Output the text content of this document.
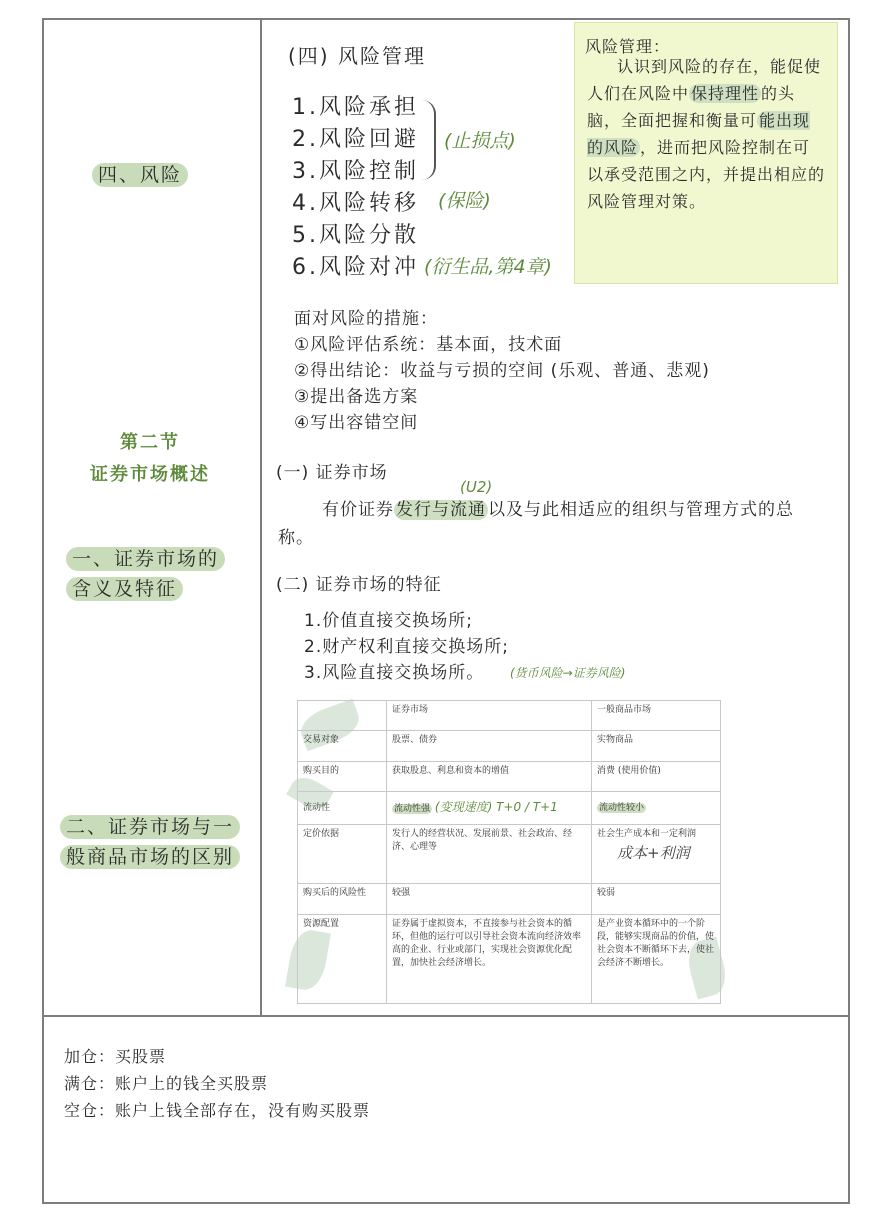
四、风险
第二节
证券市场概述
一、证券市场的
含义及特征
二、证券市场与一
般商品市场的区别
(四) 风险管理
1.风险承担
2.风险回避
3.风险控制
4.风险转移
5.风险分散
6.风险对冲
(止损点)
(保险)
(衍生品,第4章)
风险管理：
认识到风险的存在，能促使人们在风险中 保持理性 的头脑，全面把握和衡量可 能出现的风险 ，进而把风险控制在可以承受范围之内，并提出相应的风险管理对策。
面对风险的措施：
①风险评估系统：基本面，技术面
②得出结论：收益与亏损的空间 (乐观、普通、悲观)
③提出备选方案
④写出容错空间
(一) 证券市场
(U2)
有价证券 发行与流通 以及与此相适应的组织与管理方式的总称。
(二) 证券市场的特征
1.价值直接交换场所;
2.财产权利直接交换场所;
3.风险直接交换场所。	(货币风险→证券风险)
	证券市场	一般商品市场
交易对象	股票、债券	实物商品
购买目的	获取股息、利息和资本的增值	消费 (使用价值)
流动性	流动性强 (变现速度) T+0 / T+1	流动性较小
定价依据	发行人的经营状况、发展前景、社会政治、经济、心理等	社会生产成本和一定利润
成本+利润

购买后的风险性	较强	较弱
资源配置	证券属于虚拟资本，不直接参与社会资本的循环，但他的运行可以引导社会资本流向经济效率高的企业、行业或部门，实现社会资源优化配置，加快社会经济增长。	是产业资本循环中的一个阶段，能够实现商品的价值，使社会资本不断循环下去，使社会经济不断增长。
加仓：买股票
满仓：账户上的钱全买股票
空仓：账户上钱全部存在，没有购买股票
